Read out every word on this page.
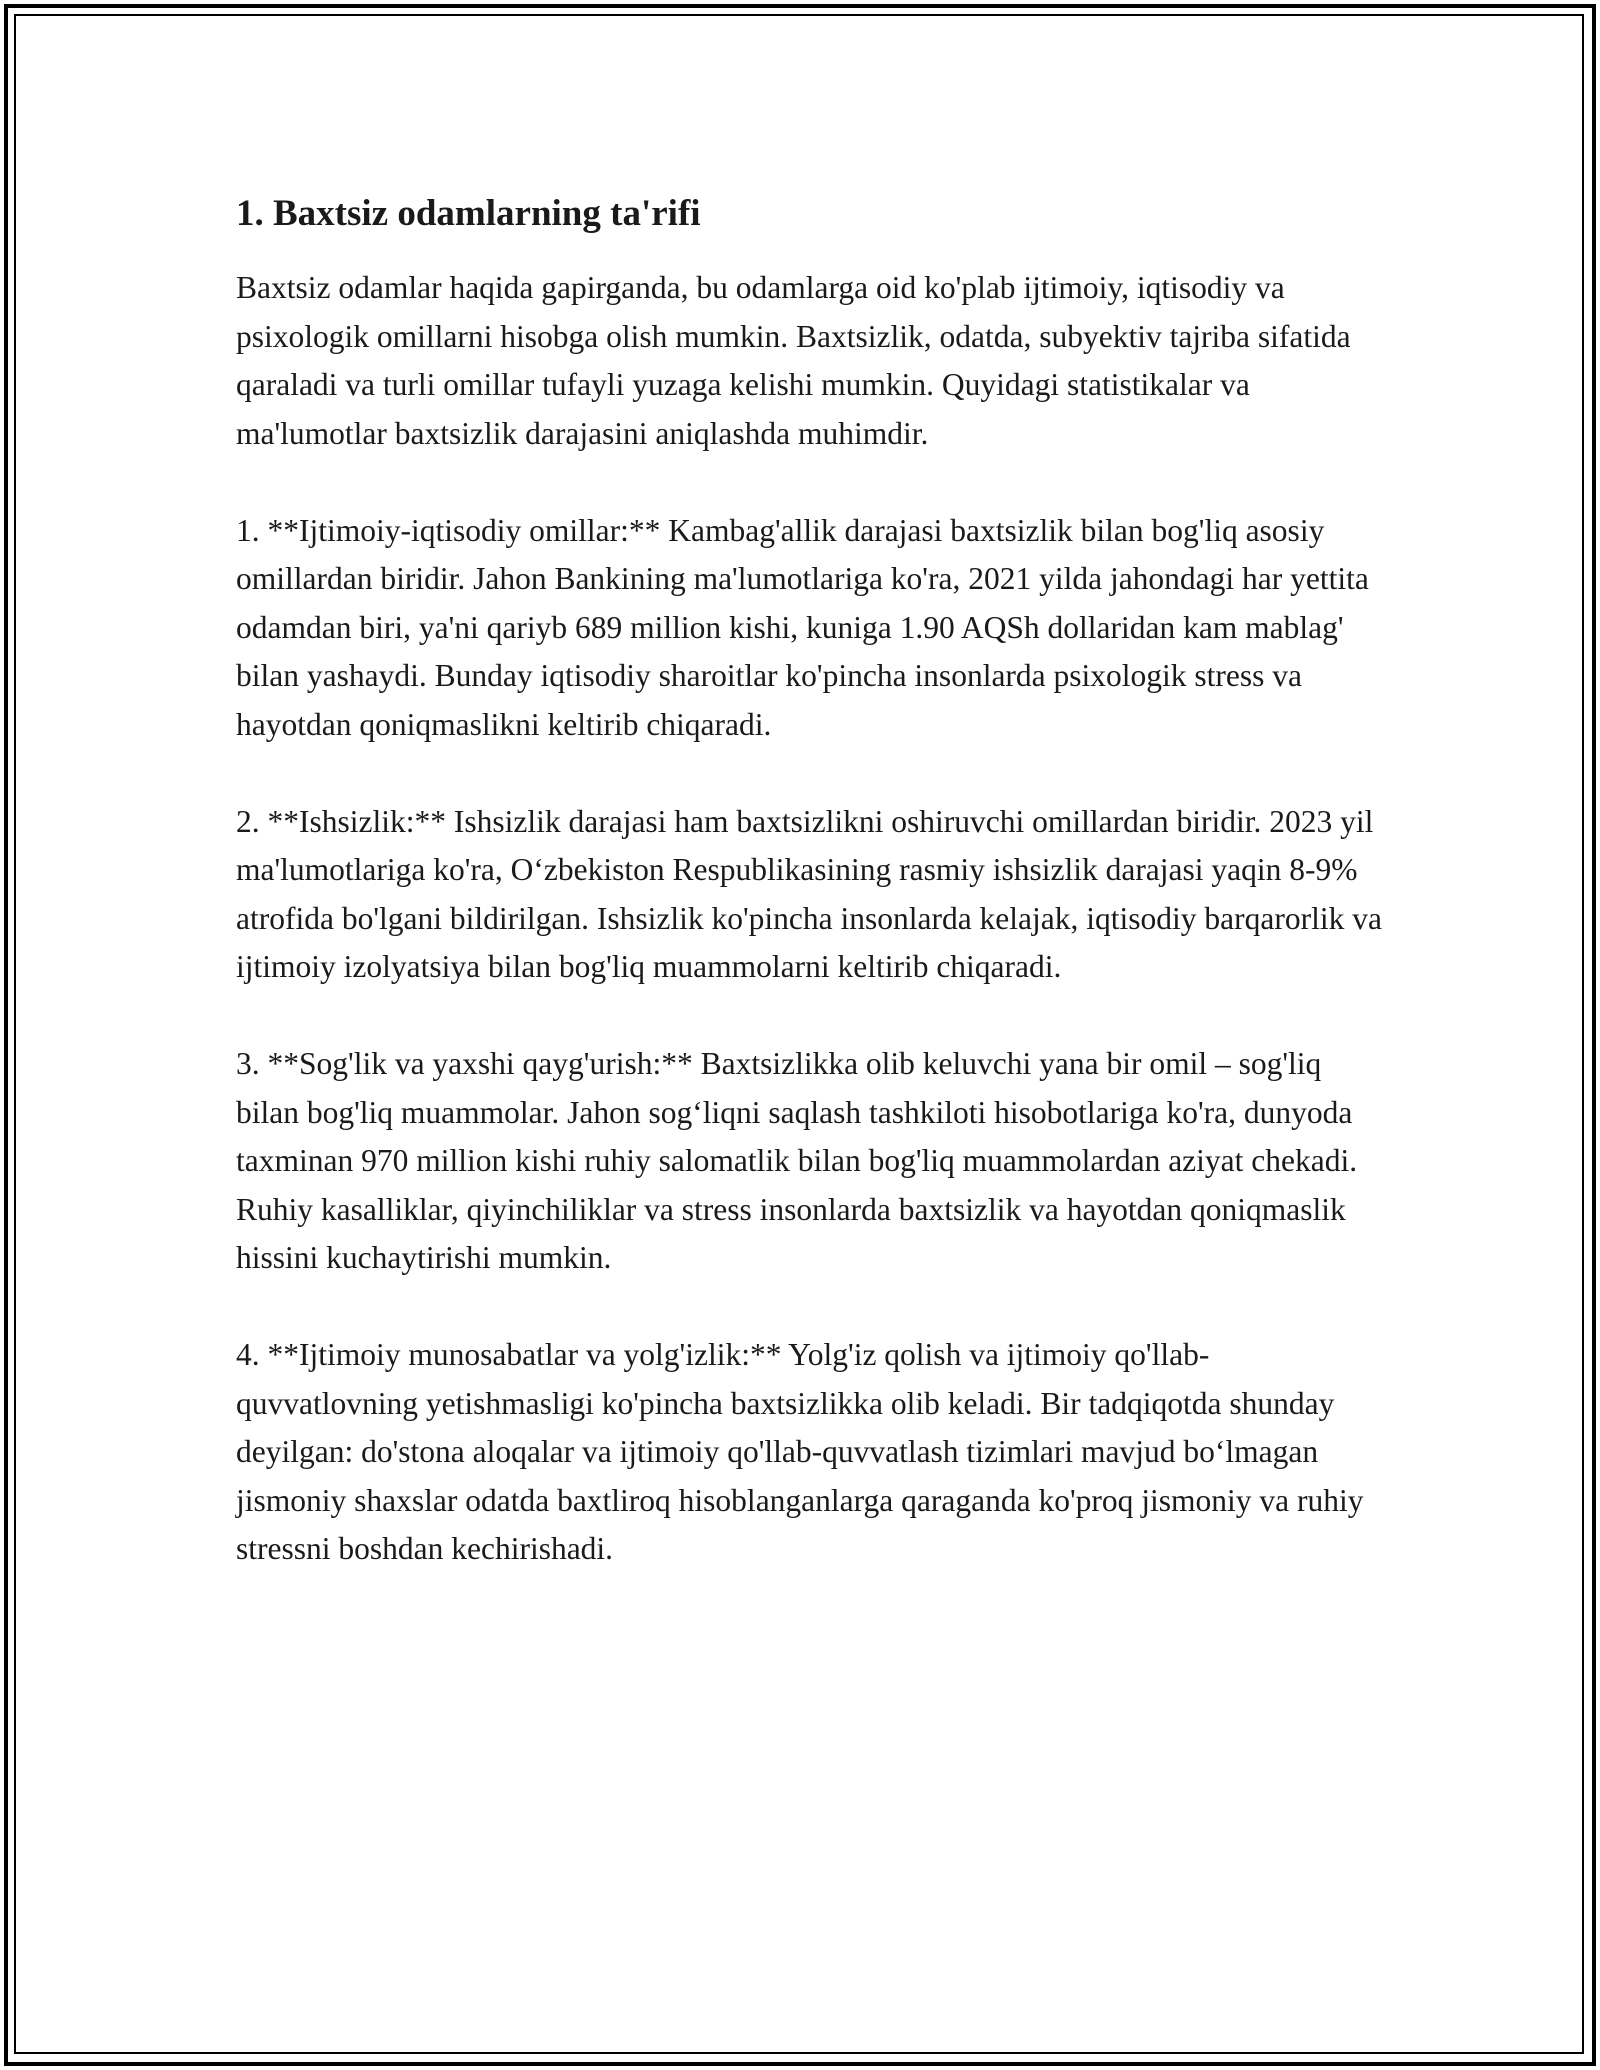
1. Baxtsiz odamlarning ta'rifi

Baxtsiz odamlar haqida gapirganda, bu odamlarga oid ko'plab ijtimoiy, iqtisodiy va psixologik omillarni hisobga olish mumkin. Baxtsizlik, odatda, subyektiv tajriba sifatida qaraladi va turli omillar tufayli yuzaga kelishi mumkin. Quyidagi statistikalar va ma'lumotlar baxtsizlik darajasini aniqlashda muhimdir.

1. **Ijtimoiy-iqtisodiy omillar:** Kambag'allik darajasi baxtsizlik bilan bog'liq asosiy omillardan biridir. Jahon Bankining ma'lumotlariga ko'ra, 2021 yilda jahondagi har yettita odamdan biri, ya'ni qariyb 689 million kishi, kuniga 1.90 AQSh dollaridan kam mablag' bilan yashaydi. Bunday iqtisodiy sharoitlar ko'pincha insonlarda psixologik stress va hayotdan qoniqmaslikni keltirib chiqaradi.

2. **Ishsizlik:** Ishsizlik darajasi ham baxtsizlikni oshiruvchi omillardan biridir. 2023 yil ma'lumotlariga ko'ra, O‘zbekiston Respublikasining rasmiy ishsizlik darajasi yaqin 8-9% atrofida bo'lgani bildirilgan. Ishsizlik ko'pincha insonlarda kelajak, iqtisodiy barqarorlik va ijtimoiy izolyatsiya bilan bog'liq muammolarni keltirib chiqaradi.

3. **Sog'lik va yaxshi qayg'urish:** Baxtsizlikka olib keluvchi yana bir omil – sog'liq bilan bog'liq muammolar. Jahon sog‘liqni saqlash tashkiloti hisobotlariga ko'ra, dunyoda taxminan 970 million kishi ruhiy salomatlik bilan bog'liq muammolardan aziyat chekadi. Ruhiy kasalliklar, qiyinchiliklar va stress insonlarda baxtsizlik va hayotdan qoniqmaslik hissini kuchaytirishi mumkin.

4. **Ijtimoiy munosabatlar va yolg'izlik:** Yolg'iz qolish va ijtimoiy qo'llab-quvvatlovning yetishmasligi ko'pincha baxtsizlikka olib keladi. Bir tadqiqotda shunday deyilgan: do'stona aloqalar va ijtimoiy qo'llab-quvvatlash tizimlari mavjud bo‘lmagan jismoniy shaxslar odatda baxtliroq hisoblanganlarga qaraganda ko'proq jismoniy va ruhiy stressni boshdan kechirishadi.
